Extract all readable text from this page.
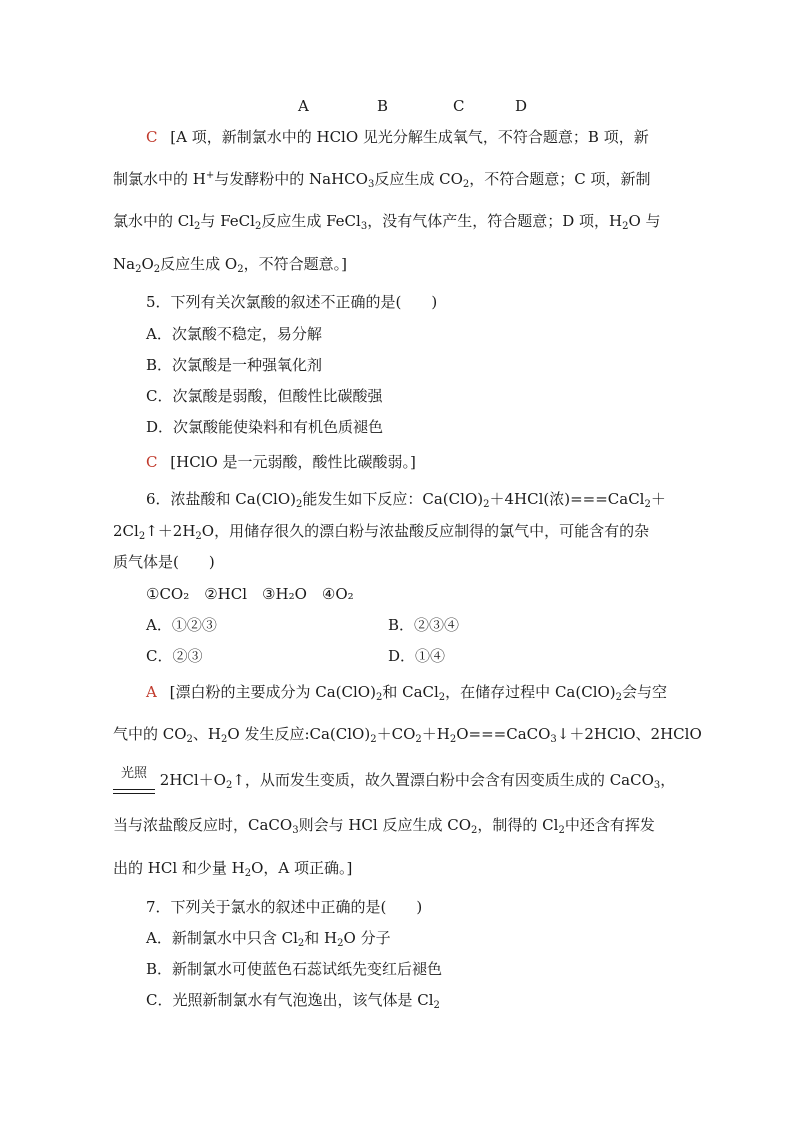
A	B	C	D
C [A 项，新制氯水中的 HClO 见光分解生成氧气，不符合题意；B 项，新
制氯水中的 H+与发酵粉中的 NaHCO$_3$反应生成 $CO_2$，不符合题意；C 项，新制
氯水中的 $Cl_2$与 FeCl$_2$反应生成 FeCl$_3$，没有气体产生，符合题意；D 项，$H_2O$ 与
$Na_2O_2$反应生成 $O_2$，不符合题意。]
5．下列有关次氯酸的叙述不正确的是(　　)
A．次氯酸不稳定，易分解
B．次氯酸是一种强氧化剂
C．次氯酸是弱酸，但酸性比碳酸强
D．次氯酸能使染料和有机色质褪色
C [HClO 是一元弱酸，酸性比碳酸弱。]
6．浓盐酸和 $Ca(ClO)_2$能发生如下反应：$Ca(ClO)_2+4HCl$(浓)===CaCl$_2$＋
$2Cl_2↑+2H_2O$，用储存很久的漂白粉与浓盐酸反应制得的氯气中，可能含有的杂
质气体是(　　)
①CO₂　②HCl　③H₂O　④O₂
A．①②③	B．②③④
C．②③	D．①④
A [漂白粉的主要成分为 $Ca(ClO)_2$和 CaCl$_2$，在储存过程中 $Ca(ClO)_2$会与空
气中的 $CO_2$、$H_2O$ 发生反应$:Ca(ClO)_2+CO_2+H_2O===CaCO_3↓+2HClO$、2HClO
光照 $2HCl+O_2↑$，从而发生变质，故久置漂白粉中会含有因变质生成的 CaCO$_3$，
当与浓盐酸反应时，CaCO$_3$则会与 HCl 反应生成 $CO_2$，制得的 $Cl_2$中还含有挥发
出的 HCl 和少量 $H_2O$，A 项正确。]
7．下列关于氯水的叙述中正确的是(　　)
A．新制氯水中只含 $Cl_2$和 $H_2O$ 分子
B．新制氯水可使蓝色石蕊试纸先变红后褪色
C．光照新制氯水有气泡逸出，该气体是 $Cl_2$
